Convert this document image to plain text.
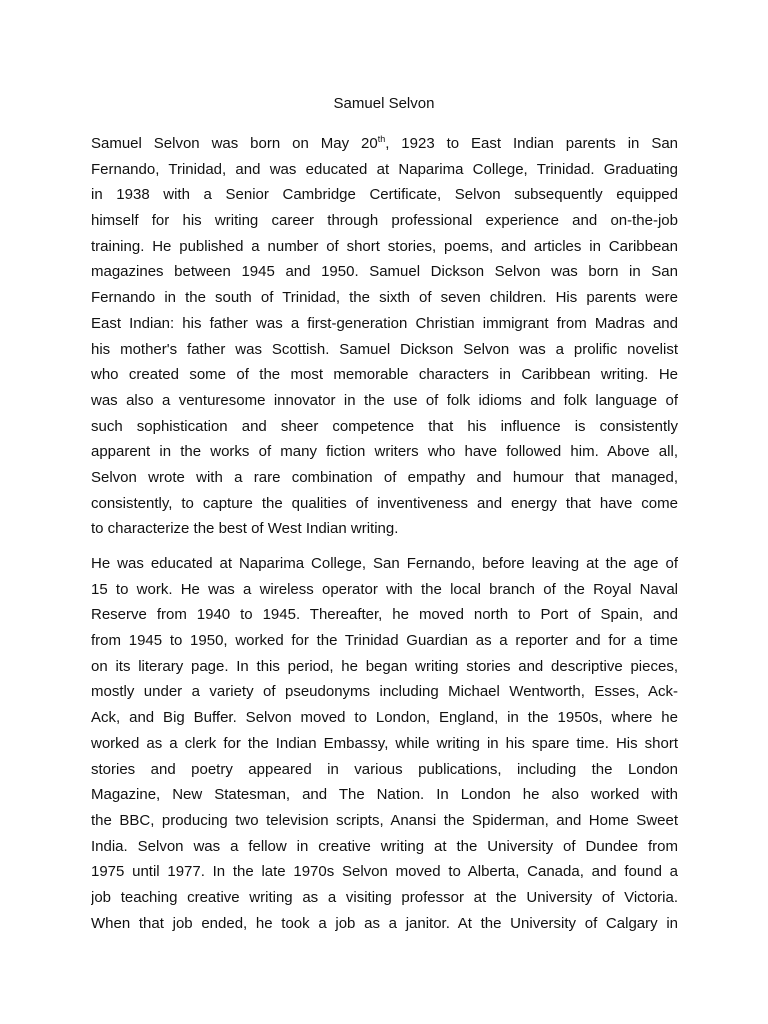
Samuel Selvon
Samuel Selvon was born on May 20th, 1923 to East Indian parents in San
Fernando, Trinidad, and was educated at Naparima College, Trinidad. Graduating
in 1938 with a Senior Cambridge Certificate, Selvon subsequently equipped
himself for his writing career through professional experience and on-the-job
training. He published a number of short stories, poems, and articles in Caribbean
magazines between 1945 and 1950. Samuel Dickson Selvon was born in San
Fernando in the south of Trinidad, the sixth of seven children. His parents were
East Indian: his father was a first-generation Christian immigrant from Madras and
his mother's father was Scottish. Samuel Dickson Selvon was a prolific novelist
who created some of the most memorable characters in Caribbean writing. He
was also a venturesome innovator in the use of folk idioms and folk language of
such sophistication and sheer competence that his influence is consistently
apparent in the works of many fiction writers who have followed him. Above all,
Selvon wrote with a rare combination of empathy and humour that managed,
consistently, to capture the qualities of inventiveness and energy that have come
to characterize the best of West Indian writing.
He was educated at Naparima College, San Fernando, before leaving at the age of
15 to work. He was a wireless operator with the local branch of the Royal Naval
Reserve from 1940 to 1945. Thereafter, he moved north to Port of Spain, and
from 1945 to 1950, worked for the Trinidad Guardian as a reporter and for a time
on its literary page. In this period, he began writing stories and descriptive pieces,
mostly under a variety of pseudonyms including Michael Wentworth, Esses, Ack-
Ack, and Big Buffer. Selvon moved to London, England, in the 1950s, where he
worked as a clerk for the Indian Embassy, while writing in his spare time. His short
stories and poetry appeared in various publications, including the London
Magazine, New Statesman, and The Nation. In London he also worked with
the BBC, producing two television scripts, Anansi the Spiderman, and Home Sweet
India. Selvon was a fellow in creative writing at the University of Dundee from
1975 until 1977. In the late 1970s Selvon moved to Alberta, Canada, and found a
job teaching creative writing as a visiting professor at the University of Victoria.
When that job ended, he took a job as a janitor. At the University of Calgary in
